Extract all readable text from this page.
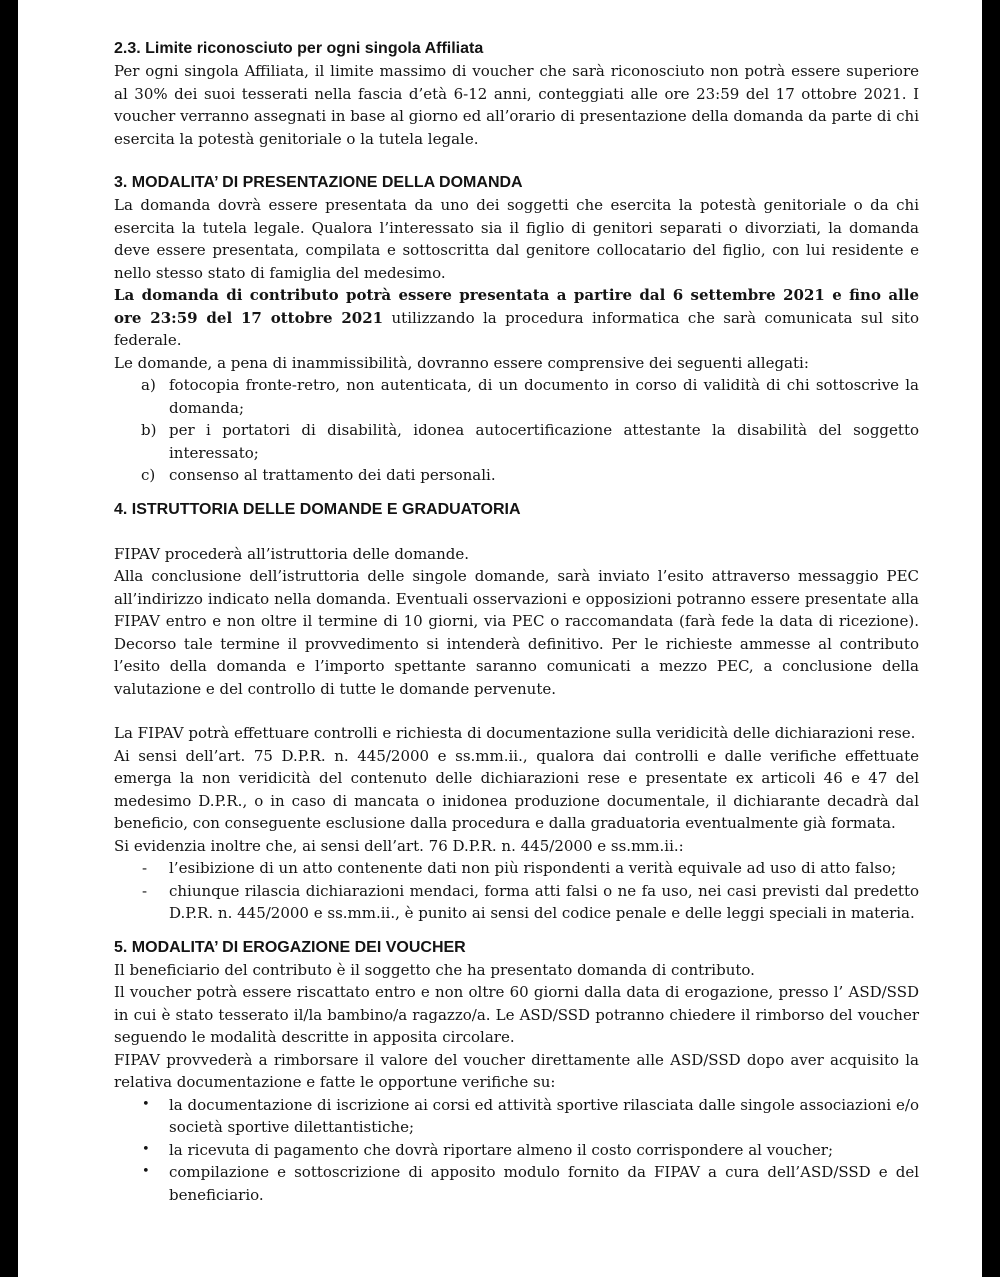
2.3. Limite riconosciuto per ogni singola Affiliata

Per ogni singola Affiliata, il limite massimo di voucher che sarà riconosciuto non potrà essere superiore al 30% dei suoi tesserati nella fascia d’età 6-12 anni, conteggiati alle ore 23:59 del 17 ottobre 2021. I voucher verranno assegnati in base al giorno ed all’orario di presentazione della domanda da parte di chi esercita la potestà genitoriale o la tutela legale.

3. MODALITA’ DI PRESENTAZIONE DELLA DOMANDA

La domanda dovrà essere presentata da uno dei soggetti che esercita la potestà genitoriale o da chi esercita la tutela legale. Qualora l’interessato sia il figlio di genitori separati o divorziati, la domanda deve essere presentata, compilata e sottoscritta dal genitore collocatario del figlio, con lui residente e nello stesso stato di famiglia del medesimo.

La domanda di contributo potrà essere presentata a partire dal 6 settembre 2021 e fino alle ore 23:59 del 17 ottobre 2021 utilizzando la procedura informatica che sarà comunicata sul sito federale.

Le domande, a pena di inammissibilità, dovranno essere comprensive dei seguenti allegati:

a) fotocopia fronte-retro, non autenticata, di un documento in corso di validità di chi sottoscrive la domanda;
b) per i portatori di disabilità, idonea autocertificazione attestante la disabilità del soggetto interessato;
c) consenso al trattamento dei dati personali.
4. ISTRUTTORIA DELLE DOMANDE E GRADUATORIA

FIPAV procederà all’istruttoria delle domande.

Alla conclusione dell’istruttoria delle singole domande, sarà inviato l’esito attraverso messaggio PEC all’indirizzo indicato nella domanda. Eventuali osservazioni e opposizioni potranno essere presentate alla FIPAV entro e non oltre il termine di 10 giorni, via PEC o raccomandata (farà fede la data di ricezione). Decorso tale termine il provvedimento si intenderà definitivo. Per le richieste ammesse al contributo l’esito della domanda e l’importo spettante saranno comunicati a mezzo PEC, a conclusione della valutazione e del controllo di tutte le domande pervenute.

La FIPAV potrà effettuare controlli e richiesta di documentazione sulla veridicità delle dichiarazioni rese.

Ai sensi dell’art. 75 D.P.R. n. 445/2000 e ss.mm.ii., qualora dai controlli e dalle verifiche effettuate emerga la non veridicità del contenuto delle dichiarazioni rese e presentate ex articoli 46 e 47 del medesimo D.P.R., o in caso di mancata o inidonea produzione documentale, il dichiarante decadrà dal beneficio, con conseguente esclusione dalla procedura e dalla graduatoria eventualmente già formata.

Si evidenzia inoltre che, ai sensi dell’art. 76 D.P.R. n. 445/2000 e ss.mm.ii.:

- l’esibizione di un atto contenente dati non più rispondenti a verità equivale ad uso di atto falso;
- chiunque rilascia dichiarazioni mendaci, forma atti falsi o ne fa uso, nei casi previsti dal predetto D.P.R. n. 445/2000 e ss.mm.ii., è punito ai sensi del codice penale e delle leggi speciali in materia.
5. MODALITA’ DI EROGAZIONE DEI VOUCHER

Il beneficiario del contributo è il soggetto che ha presentato domanda di contributo.

Il voucher potrà essere riscattato entro e non oltre 60 giorni dalla data di erogazione, presso l’ ASD/SSD in cui è stato tesserato il/la bambino/a ragazzo/a. Le ASD/SSD potranno chiedere il rimborso del voucher seguendo le modalità descritte in apposita circolare.

FIPAV provvederà a rimborsare il valore del voucher direttamente alle ASD/SSD dopo aver acquisito la relativa documentazione e fatte le opportune verifiche su:

• la documentazione di iscrizione ai corsi ed attività sportive rilasciata dalle singole associazioni e/o società sportive dilettantistiche;
• la ricevuta di pagamento che dovrà riportare almeno il costo corrispondere al voucher;
• compilazione e sottoscrizione di apposito modulo fornito da FIPAV a cura dell’ASD/SSD e del beneficiario.
